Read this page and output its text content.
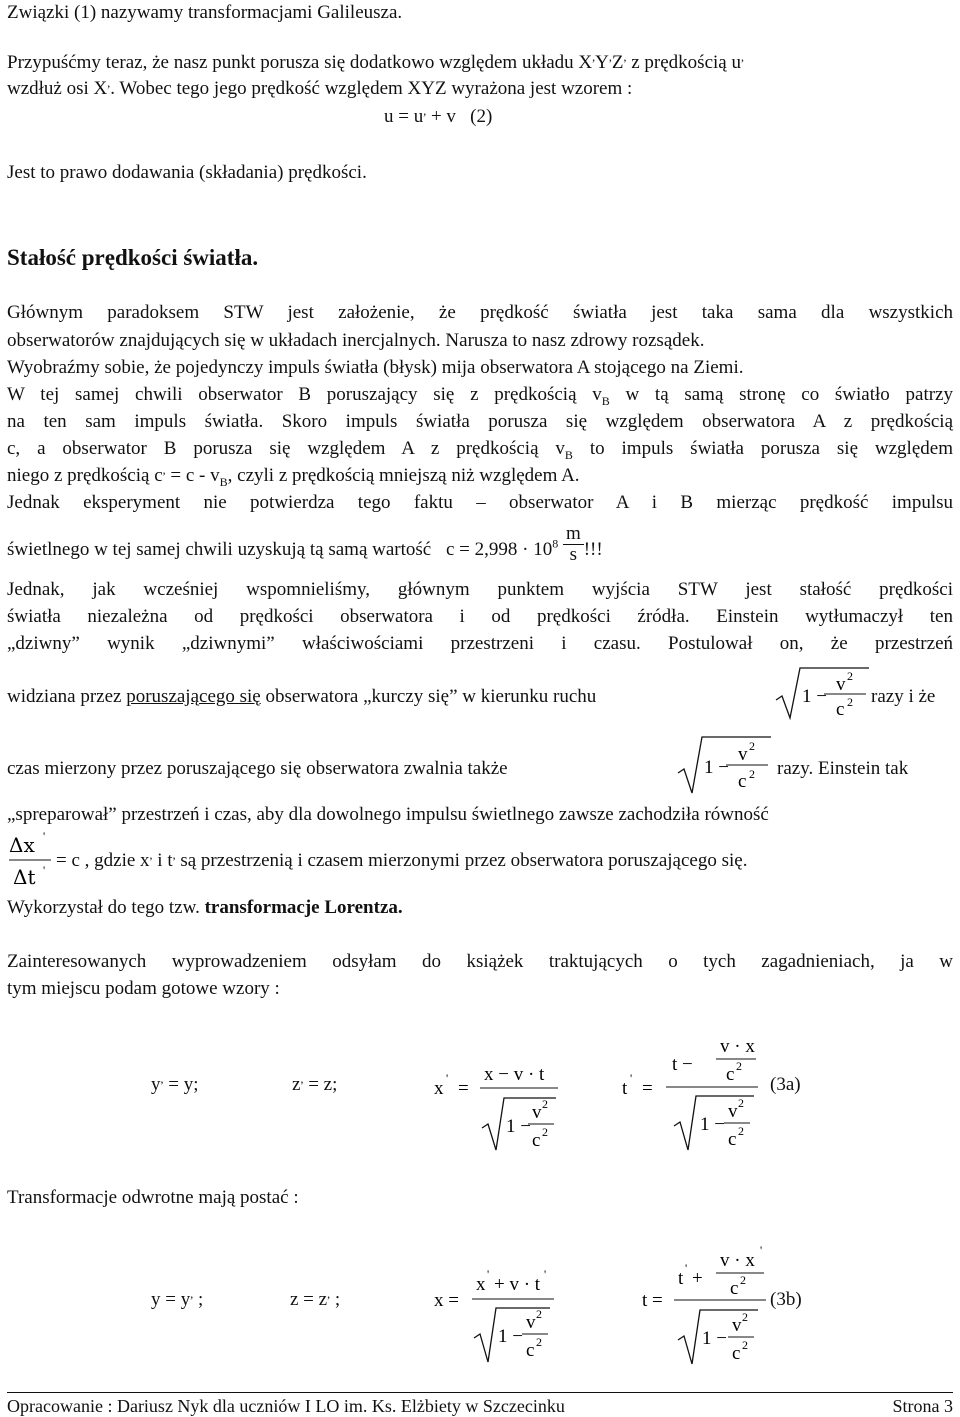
Związki (1) nazywamy transformacjami Galileusza.
Przypuśćmy teraz, że nasz punkt porusza się dodatkowo względem układu X,Y,Z, z prędkością u,
wzdłuż osi X,. Wobec tego jego prędkość względem XYZ wyrażona jest wzorem :
u = u, + v   (2)
Jest to prawo dodawania (składania) prędkości.
Stałość prędkości światła.
Głównym paradoksem STW jest założenie, że prędkość światła jest taka sama dla wszystkich
obserwatorów znajdujących się w układach inercjalnych. Narusza to nasz zdrowy rozsądek.
Wyobraźmy sobie, że pojedynczy impuls światła (błysk) mija obserwatora A stojącego na Ziemi.
W tej samej chwili obserwator B poruszający się z prędkością $v_B$ w tą samą stronę co światło patrzy
na ten sam impuls światła. Skoro impuls światła porusza się względem obserwatora A z prędkością
c, a obserwator B porusza się względem A z prędkością $v_B$ to impuls światła porusza się względem
niego z prędkością $c^, = c - v_B$, czyli z prędkością mniejszą niż względem A.
Jednak eksperyment nie potwierdza tego faktu – obserwator A i B mierząc prędkość impulsu
świetlnego w tej samej chwili uzyskują tą samą wartość $c = 2,998 \cdot 10^8 \frac{m}{s}$ !!!
Jednak, jak wcześniej wspomnieliśmy, głównym punktem wyjścia STW jest stałość prędkości
światła niezależna od prędkości obserwatora i od prędkości źródła. Einstein wytłumaczył ten
„dziwny” wynik „dziwnymi” właściwościami przestrzeni i czasu. Postulował on, że przestrzeń
widziana przez poruszającego się obserwatora „kurczy się” w kierunku ruchu	1 −
v 2
c 2 razy i że
czas mierzony przez poruszającego się obserwatora zwalnia także	1 −
v 2
c 2 razy. Einstein tak
„spreparował” przestrzeń i czas, aby dla dowolnego impulsu świetlnego zawsze zachodziła równość
Δx '
Δt ' = c , gdzie x, i t, są przestrzenią i czasem mierzonymi przez obserwatora poruszającego się.
Wykorzystał do tego tzw. transformacje Lorentza.
Zainteresowanych wyprowadzeniem odsyłam do książek traktujących o tych zagadnieniach, ja w
tym miejscu podam gotowe wzory :
y, = y;	z, = z;	x ' =
x − v · t
1 −
v 2
c 2
t ' =
t −
v · x
c 2
1 −
v 2
c 2
(3a)
Transformacje odwrotne mają postać :
y = y, ;	z = z, ;	x =
x ' + v · t '
1 −
v 2
c 2
t =
t ' +
v · x '
c 2
1 −
v 2
c 2
(3b)
Opracowanie : Dariusz Nyk dla uczniów I LO im. Ks. Elżbiety w Szczecinku	Strona 3
